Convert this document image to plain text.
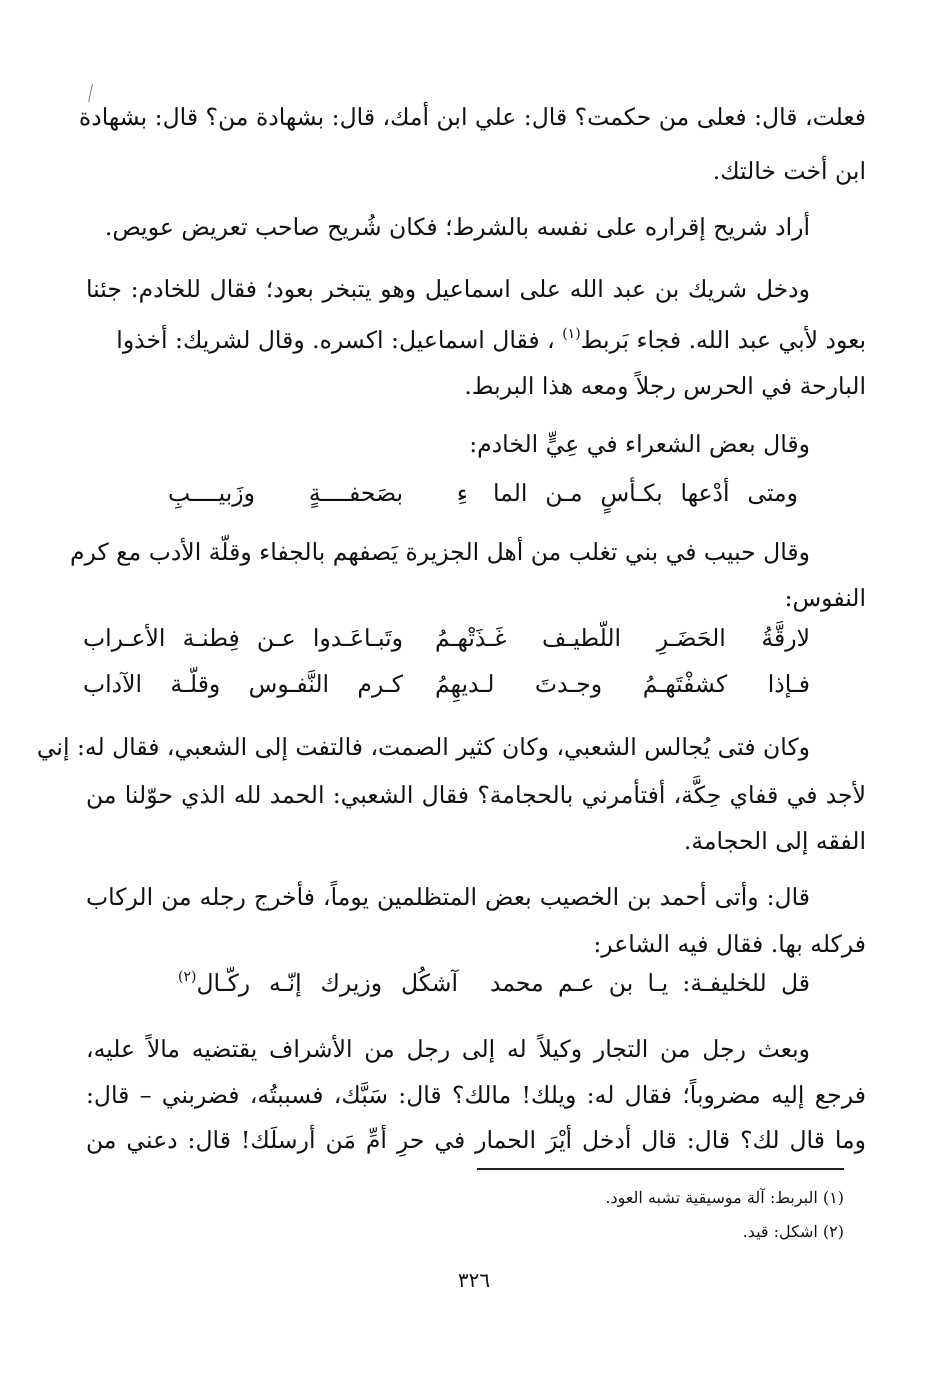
فعلت، قال: فعلى من حكمت؟ قال: علي ابن أمك، قال: بشهادة من؟ قال: بشهادة
ابن أخت خالتك.
أراد شريح إقراره على نفسه بالشرط؛ فكان شُريح صاحب تعريض عويص.
ودخل شريك بن عبد الله على اسماعيل وهو يتبخر بعود؛ فقال للخادم: جئنا
بعود لأبي عبد الله. فجاء بَربط$^{(١)}$ ، فقال اسماعيل: اكسره. وقال لشريك: أخذوا
البارحة في الحرس رجلاً ومعه هذا البربط.
وقال بعض الشعراء في عِيٍّ الخادم:
ومتى أدْعها بكـأسٍ مـن الما
ءِ بصَحفــــةٍ وزَبيــــبِ
وقال حبيب في بني تغلب من أهل الجزيرة يَصفهم بالجفاء وقلّة الأدب مع كرم
النفوس:
لارقَّةُ الحَضَـرِ اللّطيـف غَـذَتْهـمُ
وتَبـاعَـدوا عـن فِطنـة الأعـراب
فـإذا كشفْتَهـمُ وجـدتَ لـديهِمُ
كـرم النَّفـوس وقلّـة الآداب
وكان فتى يُجالس الشعبي، وكان كثير الصمت، فالتفت إلى الشعبي، فقال له: إني
لأجد في قفاي حِكَّة، أفتأمرني بالحجامة؟ فقال الشعبي: الحمد لله الذي حوّلنا من
الفقه إلى الحجامة.
قال: وأتى أحمد بن الخصيب بعض المتظلمين يوماً، فأخرج رجله من الركاب
فركله بها. فقال فيه الشاعر:
قل للخليفـة: يـا بن عـم محمد
آشكُل وزيرك إنّـه ركّـال$^{(٢)}$
وبعث رجل من التجار وكيلاً له إلى رجل من الأشراف يقتضيه مالاً عليه،
فرجع إليه مضروباً؛ فقال له: ويلك! مالك؟ قال: سَبَّك، فسببتُه، فضربني – قال:
وما قال لك؟ قال: قال أدخل أيْرَ الحمار في حرِ أمِّ مَن أرسلَك! قال: دعني من
(١) البربط: آلة موسيقية تشبه العود.
(٢) اشكل: قيد.
٣٢٦
